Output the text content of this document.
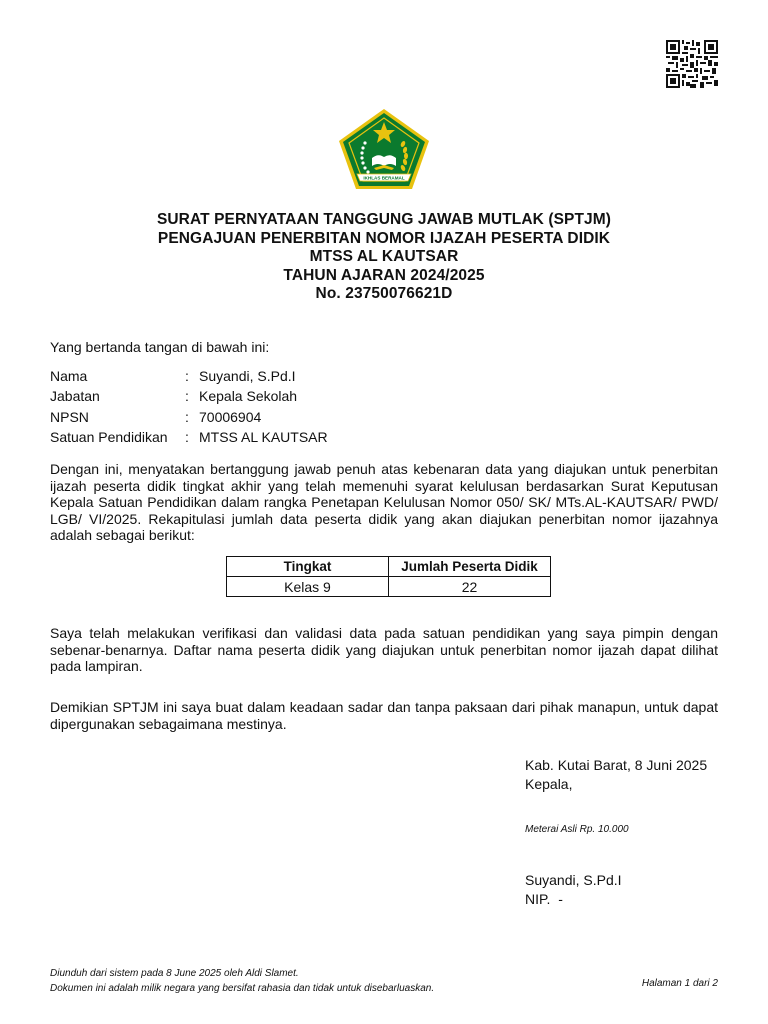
IKHLAS BERAMAL
SURAT PERNYATAAN TANGGUNG JAWAB MUTLAK (SPTJM)
PENGAJUAN PENERBITAN NOMOR IJAZAH PESERTA DIDIK
MTSS AL KAUTSAR
TAHUN AJARAN 2024/2025
No. 23750076621D
Yang bertanda tangan di bawah ini:
Nama	: Suyandi, S.Pd.I
Jabatan	: Kepala Sekolah
NPSN	: 70006904
Satuan Pendidikan : MTSS AL KAUTSAR
Dengan ini, menyatakan bertanggung jawab penuh atas kebenaran data yang diajukan untuk penerbitan ijazah peserta didik tingkat akhir yang telah memenuhi syarat kelulusan berdasarkan Surat Keputusan Kepala Satuan Pendidikan dalam rangka Penetapan Kelulusan Nomor 050/ SK/ MTs.AL-KAUTSAR/ PWD/ LGB/ VI/2025. Rekapitulasi jumlah data peserta didik yang akan diajukan penerbitan nomor ijazahnya adalah sebagai berikut:
Tingkat	Jumlah Peserta Didik
Kelas 9	22
Saya telah melakukan verifikasi dan validasi data pada satuan pendidikan yang saya pimpin dengan sebenar-benarnya. Daftar nama peserta didik yang diajukan untuk penerbitan nomor ijazah dapat dilihat pada lampiran.
Demikian SPTJM ini saya buat dalam keadaan sadar dan tanpa paksaan dari pihak manapun, untuk dapat dipergunakan sebagaimana mestinya.
Kab. Kutai Barat, 8 Juni 2025
Kepala,
Meterai Asli Rp. 10.000
Suyandi, S.Pd.I
NIP.  -
Diunduh dari sistem pada 8 June 2025 oleh Aldi Slamet.
Dokumen ini adalah milik negara yang bersifat rahasia dan tidak untuk disebarluaskan.	Halaman 1 dari 2
